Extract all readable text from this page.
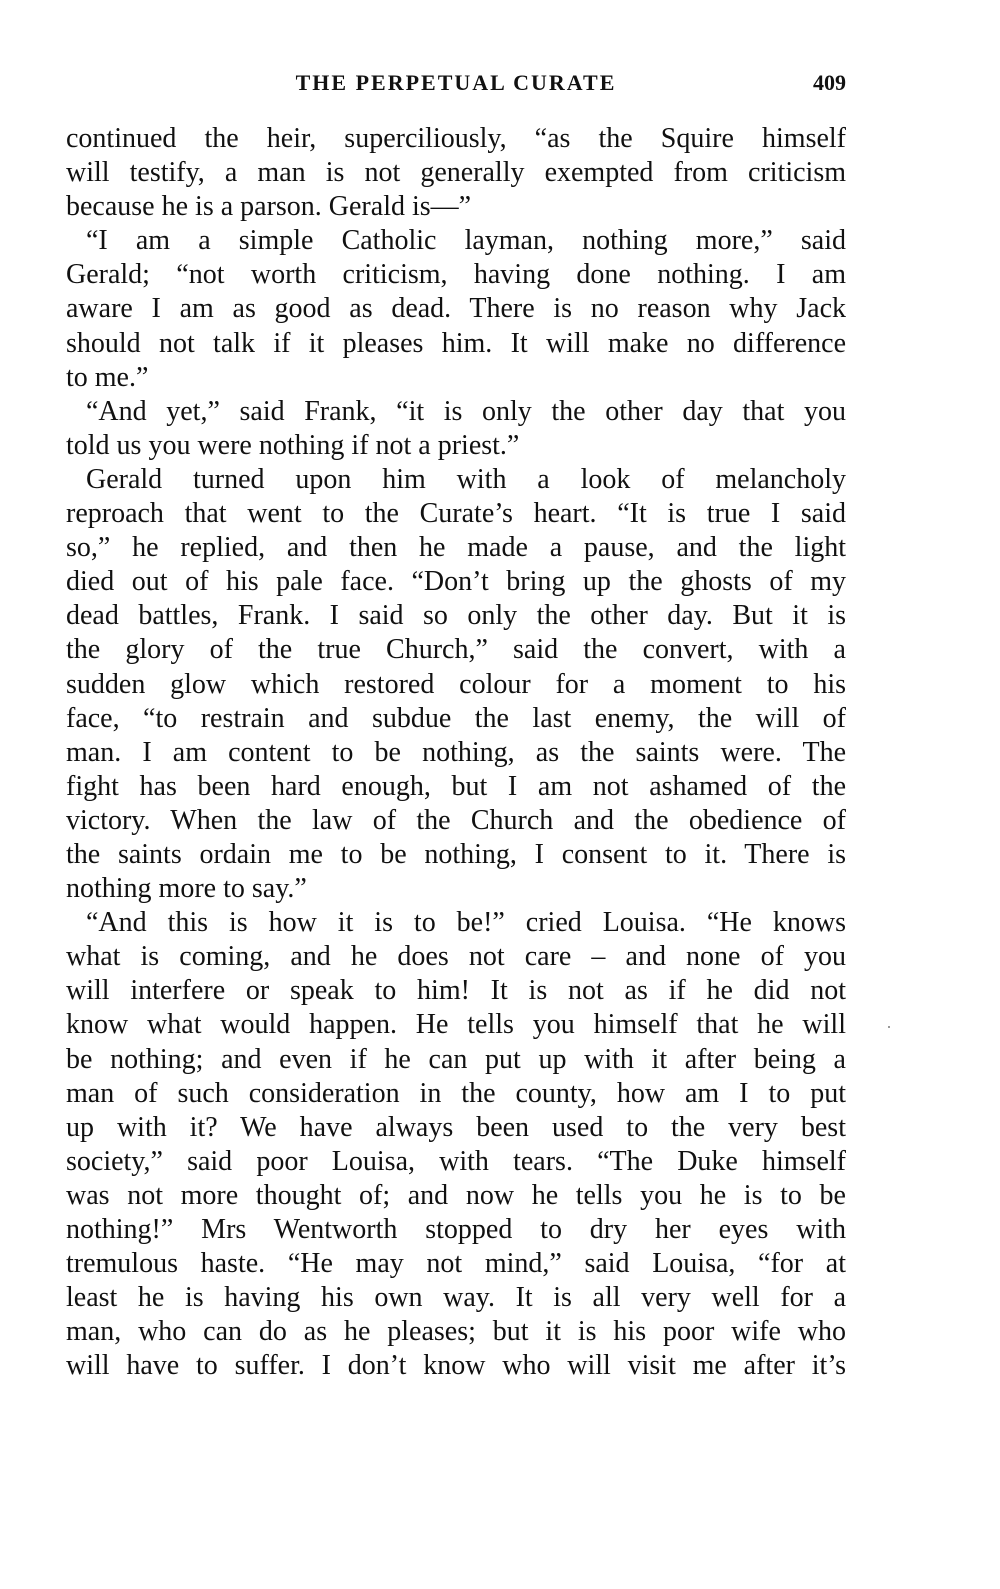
THE PERPETUAL CURATE	409
continued the heir, superciliously, “as the Squire himself
will testify, a man is not generally exempted from criticism
because he is a parson. Gerald is—”
“I am a simple Catholic layman, nothing more,” said
Gerald; “not worth criticism, having done nothing. I am
aware I am as good as dead. There is no reason why Jack
should not talk if it pleases him. It will make no difference
to me.”
“And yet,” said Frank, “it is only the other day that you
told us you were nothing if not a priest.”
Gerald turned upon him with a look of melancholy
reproach that went to the Curate’s heart. “It is true I said
so,” he replied, and then he made a pause, and the light
died out of his pale face. “Don’t bring up the ghosts of my
dead battles, Frank. I said so only the other day. But it is
the glory of the true Church,” said the convert, with a
sudden glow which restored colour for a moment to his
face, “to restrain and subdue the last enemy, the will of
man. I am content to be nothing, as the saints were. The
fight has been hard enough, but I am not ashamed of the
victory. When the law of the Church and the obedience of
the saints ordain me to be nothing, I consent to it. There is
nothing more to say.”
“And this is how it is to be!” cried Louisa. “He knows
what is coming, and he does not care – and none of you
will interfere or speak to him! It is not as if he did not
know what would happen. He tells you himself that he will
be nothing; and even if he can put up with it after being a
man of such consideration in the county, how am I to put
up with it? We have always been used to the very best
society,” said poor Louisa, with tears. “The Duke himself
was not more thought of; and now he tells you he is to be
nothing!” Mrs Wentworth stopped to dry her eyes with
tremulous haste. “He may not mind,” said Louisa, “for at
least he is having his own way. It is all very well for a
man, who can do as he pleases; but it is his poor wife who
will have to suffer. I don’t know who will visit me after it’s
